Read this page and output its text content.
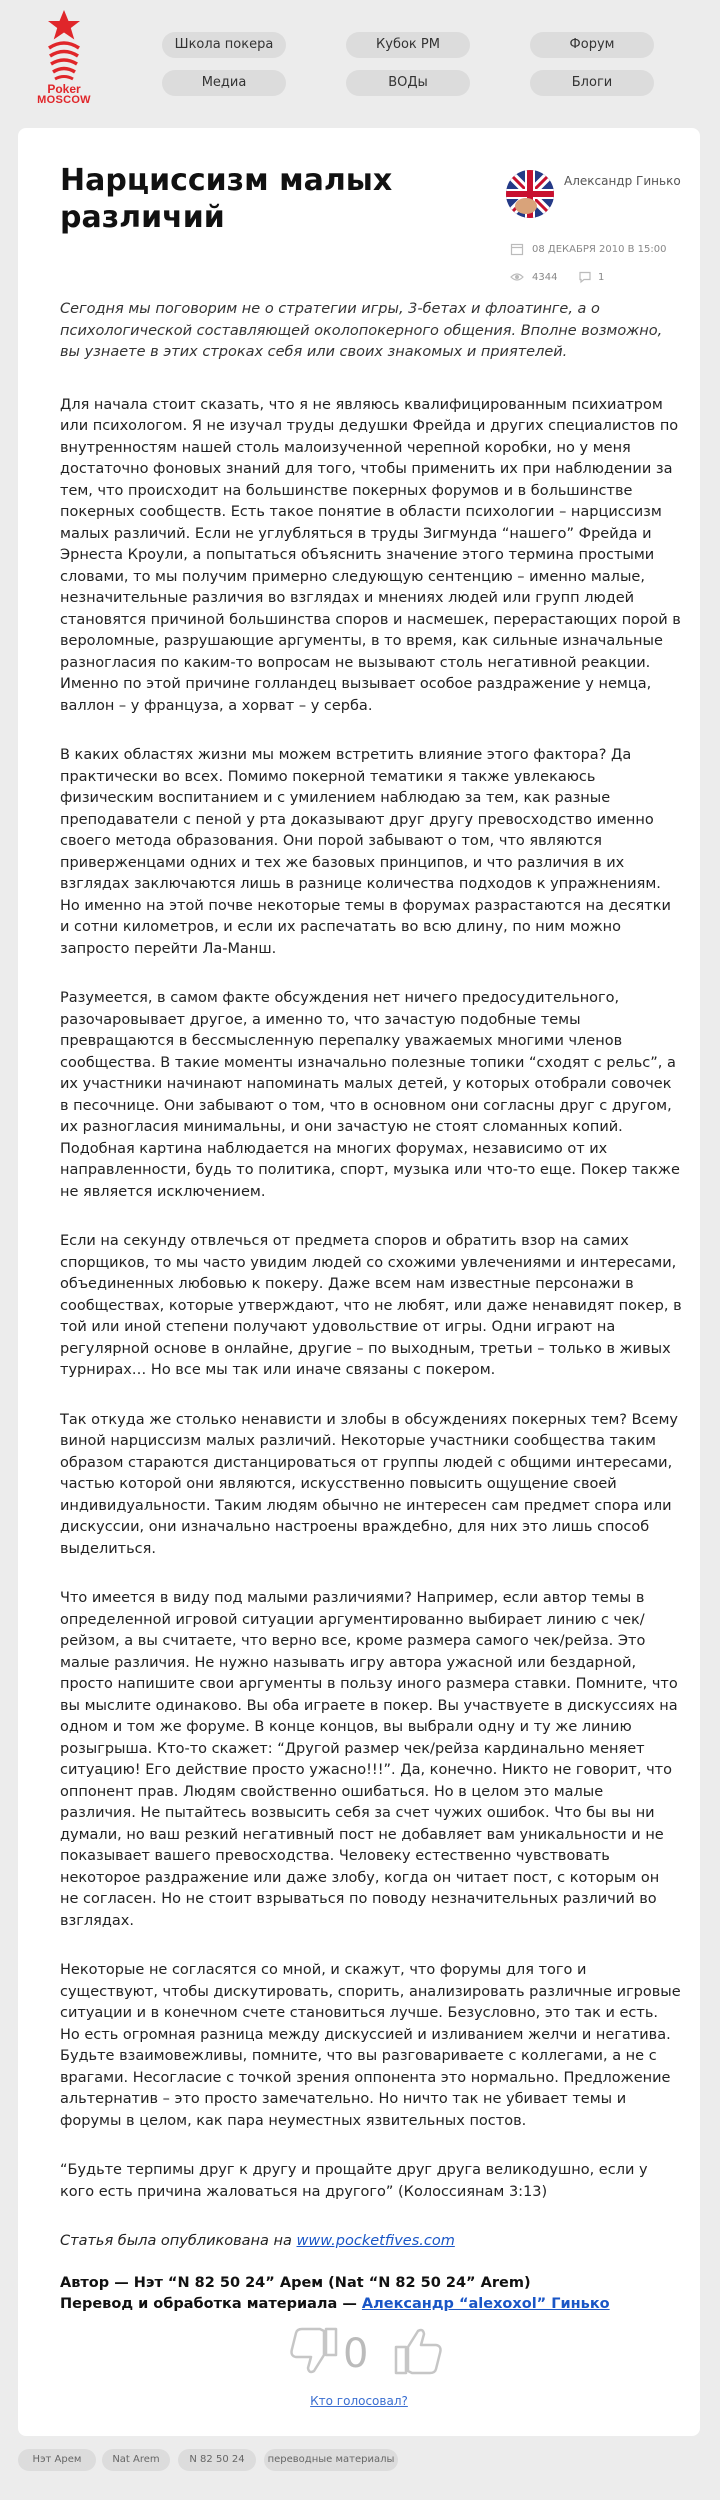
Poker
MOSCOW
Школа покера	Кубок РМ	Форум
Медиа	ВОДы	Блоги
Нарциссизм малых различий
Александр Гинько
08 ДЕКАБРЯ 2010 В 15:00
4344	1

Сегодня мы поговорим не о стратегии игры, 3-бетах и флоатинге, а о психологической составляющей околопокерного общения. Вполне возможно, вы узнаете в этих строках себя или своих знакомых и приятелей.

Для начала стоит сказать, что я не являюсь квалифицированным психиатром или психологом. Я не изучал труды дедушки Фрейда и других специалистов по внутренностям нашей столь малоизученной черепной коробки, но у меня достаточно фоновых знаний для того, чтобы применить их при наблюдении за тем, что происходит на большинстве покерных форумов и в большинстве покерных сообществ. Есть такое понятие в области психологии – нарциссизм малых различий. Если не углубляться в труды Зигмунда “нашего” Фрейда и Эрнеста Кроули, а попытаться объяснить значение этого термина простыми словами, то мы получим примерно следующую сентенцию – именно малые, незначительные различия во взглядах и мнениях людей или групп людей становятся причиной большинства споров и насмешек, перерастающих порой в вероломные, разрушающие аргументы, в то время, как сильные изначальные разногласия по каким-то вопросам не вызывают столь негативной реакции. Именно по этой причине голландец вызывает особое раздражение у немца, валлон – у француза, а хорват – у серба.

В каких областях жизни мы можем встретить влияние этого фактора? Да практически во всех. Помимо покерной тематики я также увлекаюсь физическим воспитанием и с умилением наблюдаю за тем, как разные преподаватели с пеной у рта доказывают друг другу превосходство именно своего метода образования. Они порой забывают о том, что являются приверженцами одних и тех же базовых принципов, и что различия в их взглядах заключаются лишь в разнице количества подходов к упражнениям. Но именно на этой почве некоторые темы в форумах разрастаются на десятки и сотни километров, и если их распечатать во всю длину, по ним можно запросто перейти Ла-Манш.

Разумеется, в самом факте обсуждения нет ничего предосудительного, разочаровывает другое, а именно то, что зачастую подобные темы превращаются в бессмысленную перепалку уважаемых многими членов сообщества. В такие моменты изначально полезные топики “сходят с рельс”, а их участники начинают напоминать малых детей, у которых отобрали совочек в песочнице. Они забывают о том, что в основном они согласны друг с другом, их разногласия минимальны, и они зачастую не стоят сломанных копий. Подобная картина наблюдается на многих форумах, независимо от их направленности, будь то политика, спорт, музыка или что-то еще. Покер также не является исключением.

Если на секунду отвлечься от предмета споров и обратить взор на самих спорщиков, то мы часто увидим людей со схожими увлечениями и интересами, объединенных любовью к покеру. Даже всем нам известные персонажи в сообществах, которые утверждают, что не любят, или даже ненавидят покер, в той или иной степени получают удовольствие от игры. Одни играют на регулярной основе в онлайне, другие – по выходным, третьи – только в живых турнирах… Но все мы так или иначе связаны с покером.

Так откуда же столько ненависти и злобы в обсуждениях покерных тем? Всему виной нарциссизм малых различий. Некоторые участники сообщества таким образом стараются дистанцироваться от группы людей с общими интересами, частью которой они являются, искусственно повысить ощущение своей индивидуальности. Таким людям обычно не интересен сам предмет спора или дискуссии, они изначально настроены враждебно, для них это лишь способ выделиться.

Что имеется в виду под малыми различиями? Например, если автор темы в определенной игровой ситуации аргументированно выбирает линию с чек/рейзом, а вы считаете, что верно все, кроме размера самого чек/рейза. Это малые различия. Не нужно называть игру автора ужасной или бездарной, просто напишите свои аргументы в пользу иного размера ставки. Помните, что вы мыслите одинаково. Вы оба играете в покер. Вы участвуете в дискуссиях на одном и том же форуме. В конце концов, вы выбрали одну и ту же линию розыгрыша. Кто-то скажет: “Другой размер чек/рейза кардинально меняет ситуацию! Его действие просто ужасно!!!”. Да, конечно. Никто не говорит, что оппонент прав. Людям свойственно ошибаться. Но в целом это малые различия. Не пытайтесь возвысить себя за счет чужих ошибок. Что бы вы ни думали, но ваш резкий негативный пост не добавляет вам уникальности и не показывает вашего превосходства. Человеку естественно чувствовать некоторое раздражение или даже злобу, когда он читает пост, с которым он не согласен. Но не стоит взрываться по поводу незначительных различий во взглядах.

Некоторые не согласятся со мной, и скажут, что форумы для того и существуют, чтобы дискутировать, спорить, анализировать различные игровые ситуации и в конечном счете становиться лучше. Безусловно, это так и есть. Но есть огромная разница между дискуссией и изливанием желчи и негатива. Будьте взаимовежливы, помните, что вы разговариваете с коллегами, а не с врагами. Несогласие с точкой зрения оппонента это нормально. Предложение альтернатив – это просто замечательно. Но ничто так не убивает темы и форумы в целом, как пара неуместных язвительных постов.

“Будьте терпимы друг к другу и прощайте друг друга великодушно, если у кого есть причина жаловаться на другого” (Колоссиянам 3:13)

Статья была опубликована на www.pocketfives.com

Автор — Нэт “N 82 50 24” Арем (Nat “N 82 50 24” Arem)

Перевод и обработка материала — Александр “alexoxol” Гинько

0
Кто голосовал?
Нэт Арем	Nat Arem	N 82 50 24	переводные материалы
